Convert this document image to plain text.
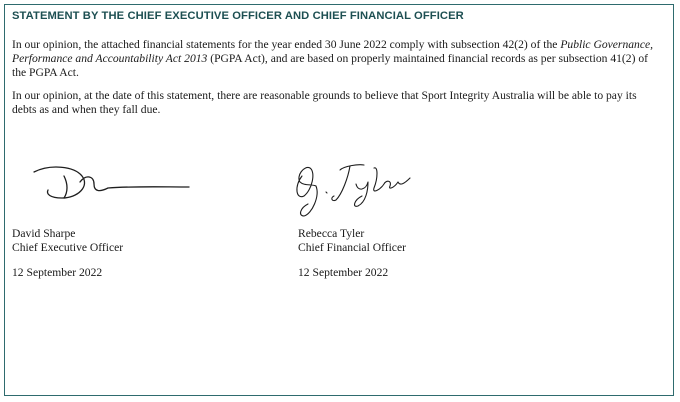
STATEMENT BY THE CHIEF EXECUTIVE OFFICER AND CHIEF FINANCIAL OFFICER

In our opinion, the attached financial statements for the year ended 30 June 2022 comply with subsection 42(2) of the Public Governance, Performance and Accountability Act 2013 (PGPA Act), and are based on properly maintained financial records as per subsection 41(2) of the PGPA Act.

In our opinion, at the date of this statement, there are reasonable grounds to believe that Sport Integrity Australia will be able to pay its debts as and when they fall due.

David Sharpe
Chief Executive Officer
12 September 2022
Rebecca Tyler
Chief Financial Officer
12 September 2022
